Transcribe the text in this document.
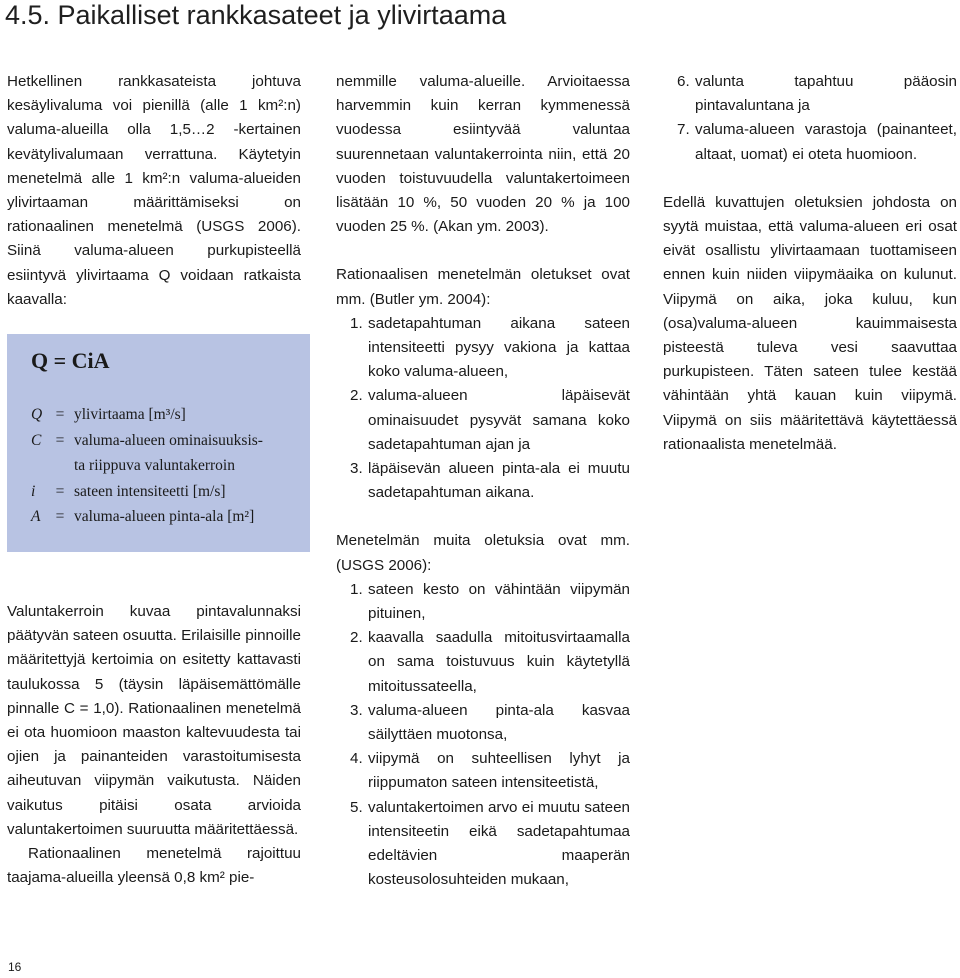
4.5. Paikalliset rankkasateet ja ylivirtaama

Hetkellinen rankkasateista johtuva kesäylivaluma voi pienillä (alle 1 km²:n) valuma-alueilla olla 1,5…2 -kertainen kevätylivalumaan verrattuna. Käytetyin menetelmä alle 1 km²:n valuma-alueiden ylivirtaaman määrittämiseksi on rationaalinen menetelmä (USGS 2006). Siinä valuma-alueen purkupisteellä esiintyvä ylivirtaama Q voidaan ratkaista kaavalla:

Valuntakerroin kuvaa pintavalunnaksi päätyvän sateen osuutta. Erilaisille pinnoille määritettyjä kertoimia on esitetty kattavasti taulukossa 5 (täysin läpäisemättömälle pinnalle C = 1,0). Rationaalinen menetelmä ei ota huomioon maaston kaltevuudesta tai ojien ja painanteiden varastoitumisesta aiheutuvan viipymän vaikutusta. Näiden vaikutus pitäisi osata arvioida valuntakertoimen suuruutta määritettäessä.

Rationaalinen menetelmä rajoittuu taajama-alueilla yleensä 0,8 km² pie-

Q = CiA
Q = ylivirtaama [m³/s]
C = valuma-alueen ominaisuuksis-
ta riippuva valuntakerroin
i	= sateen intensiteetti [m/s]
A = valuma-alueen pinta-ala [m²]

nemmille valuma-alueille. Arvioitaessa harvemmin kuin kerran kymmenessä vuodessa esiintyvää valuntaa suurennetaan valuntakerrointa niin, että 20 vuoden toistuvuudella valuntakertoimeen lisätään 10 %, 50 vuoden 20 % ja 100 vuoden 25 %. (Akan ym. 2003).

Rationaalisen menetelmän oletukset ovat mm. (Butler ym. 2004):

1. sadetapahtuman aikana sateen intensiteetti pysyy vakiona ja kattaa koko valuma-alueen,
2. valuma-alueen läpäisevät ominaisuudet pysyvät samana koko sadetapahtuman ajan ja
3. läpäisevän alueen pinta-ala ei muutu sadetapahtuman aikana.

Menetelmän muita oletuksia ovat mm. (USGS 2006):

1. sateen kesto on vähintään viipymän pituinen,
2. kaavalla saadulla mitoitusvirtaamalla on sama toistuvuus kuin käytetyllä mitoitussateella,
3. valuma-alueen pinta-ala kasvaa säilyttäen muotonsa,
4. viipymä on suhteellisen lyhyt ja riippumaton sateen intensiteetistä,
5. valuntakertoimen arvo ei muutu sateen intensiteetin eikä sadetapahtumaa edeltävien maaperän kosteusolosuhteiden mukaan,
6. valunta tapahtuu pääosin pintavaluntana ja
7. valuma-alueen varastoja (painanteet, altaat, uomat) ei oteta huomioon.

Edellä kuvattujen oletuksien johdosta on syytä muistaa, että valuma-alueen eri osat eivät osallistu ylivirtaamaan tuottamiseen ennen kuin niiden viipymäaika on kulunut. Viipymä on aika, joka kuluu, kun (osa)valuma-alueen kauimmaisesta pisteestä tuleva vesi saavuttaa purkupisteen. Täten sateen tulee kestää vähintään yhtä kauan kuin viipymä. Viipymä on siis määritettävä käytettäessä rationaalista menetelmää.

16
